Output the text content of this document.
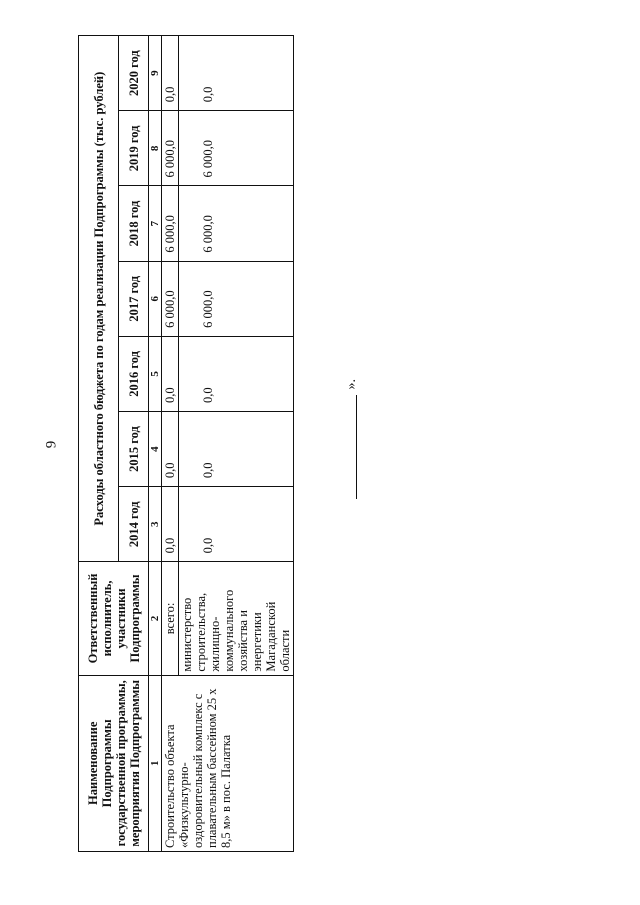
9
».
Наименование Подпрограммы государственной программы, мероприятия Подпрограммы	Ответственный исполнитель, участники Подпрограммы	Расходы областного бюджета по годам реализации Подпрограммы (тыс. рублей)						
		2014 год	2015 год	2016 год	2017 год	2018 год	2019 год	2020 год
1	2	3	4	5	6	7	8	9
Строительство объекта «Физкультурно-оздоровительный комплекс с плавательным бассейном 25 х 8,5 м» в пос. Палатка	всего:	0,0	0,0	0,0	6 000,0	6 000,0	6 000,0	0,0
	министерство строительства, жилищно-коммунального хозяйства и энергетики Магаданской области	0,0	0,0	0,0	6 000,0	6 000,0	6 000,0	0,0
